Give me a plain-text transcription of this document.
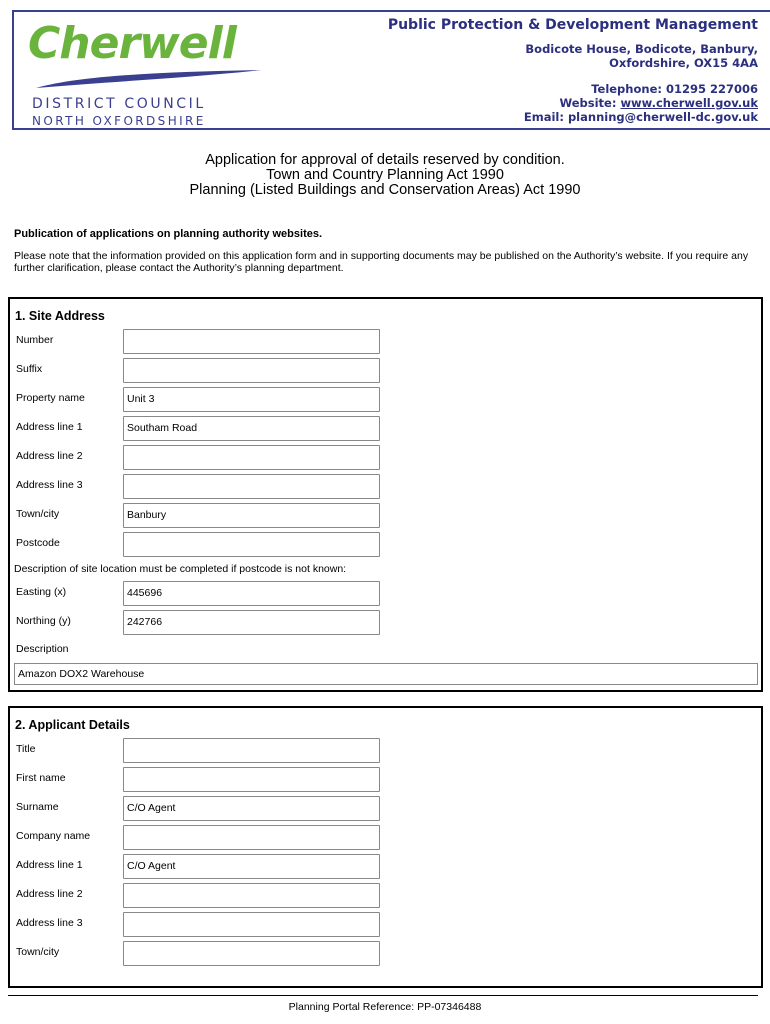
Cherwell
DISTRICT COUNCIL
NORTH OXFORDSHIRE
Public Protection & Development Management
Bodicote House, Bodicote, Banbury,
Oxfordshire, OX15 4AA
Telephone: 01295 227006
Website: www.cherwell.gov.uk
Email: planning@cherwell-dc.gov.uk
Application for approval of details reserved by condition.
Town and Country Planning Act 1990
Planning (Listed Buildings and Conservation Areas) Act 1990
Publication of applications on planning authority websites.
Please note that the information provided on this application form and in supporting documents may be published on the Authority’s website. If you require any further clarification, please contact the Authority’s planning department.
1. Site Address
Number
Suffix
Property name	Unit 3
Address line 1	Southam Road
Address line 2
Address line 3
Town/city	Banbury
Postcode
Description of site location must be completed if postcode is not known:
Easting (x)	445696
Northing (y)	242766
Description
Amazon DOX2 Warehouse
2. Applicant Details
Title
First name
Surname	C/O Agent
Company name
Address line 1	C/O Agent
Address line 2
Address line 3
Town/city
Planning Portal Reference: PP-07346488
